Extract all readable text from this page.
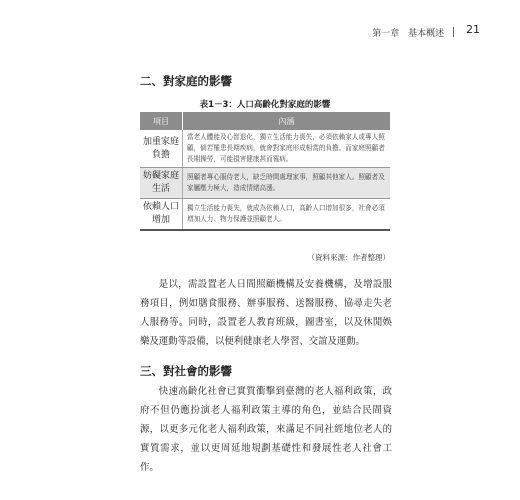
第一章 基本概述	21
二、對家庭的影響
表1－3：人口高齡化對家庭的影響
項目	內涵

加重家庭負擔	當老人體能及心智退化，獨立生活能力喪失，必須依賴家人或專人照顧，倘若罹患長期疾病，就會對家庭形成相當的負擔。而家庭照顧者長期操勞，可能損害健康甚而罹病。

妨礙家庭生活	照顧者專心服侍老人，缺乏時間處理家事，照顧其他家人。照顧者及家屬壓力極大，造成情緒高漲。

依賴人口增加	獨立生活能力喪失，就成為依賴人口，高齡人口增加很多，社會必須增加人力、物力保護並照顧老人。
（資料來源：作者整理）

是以，需設置老人日間照顧機構及安養機構，及增設服務項目，例如膳食服務、辦事服務、送醫服務、協尋走失老人服務等。同時，設置老人教育班級，圖書室，以及休閒娛樂及運動等設備，以便利健康老人學習、交誼及運動。

三、對社會的影響

快速高齡化社會已實質衝擊到臺灣的老人福利政策，政府不但仍應扮演老人福利政策主導的角色，並結合民間資源，以更多元化老人福利政策，來滿足不同社經地位老人的實質需求，並以更周延地規劃基礎性和發展性老人社會工作。
